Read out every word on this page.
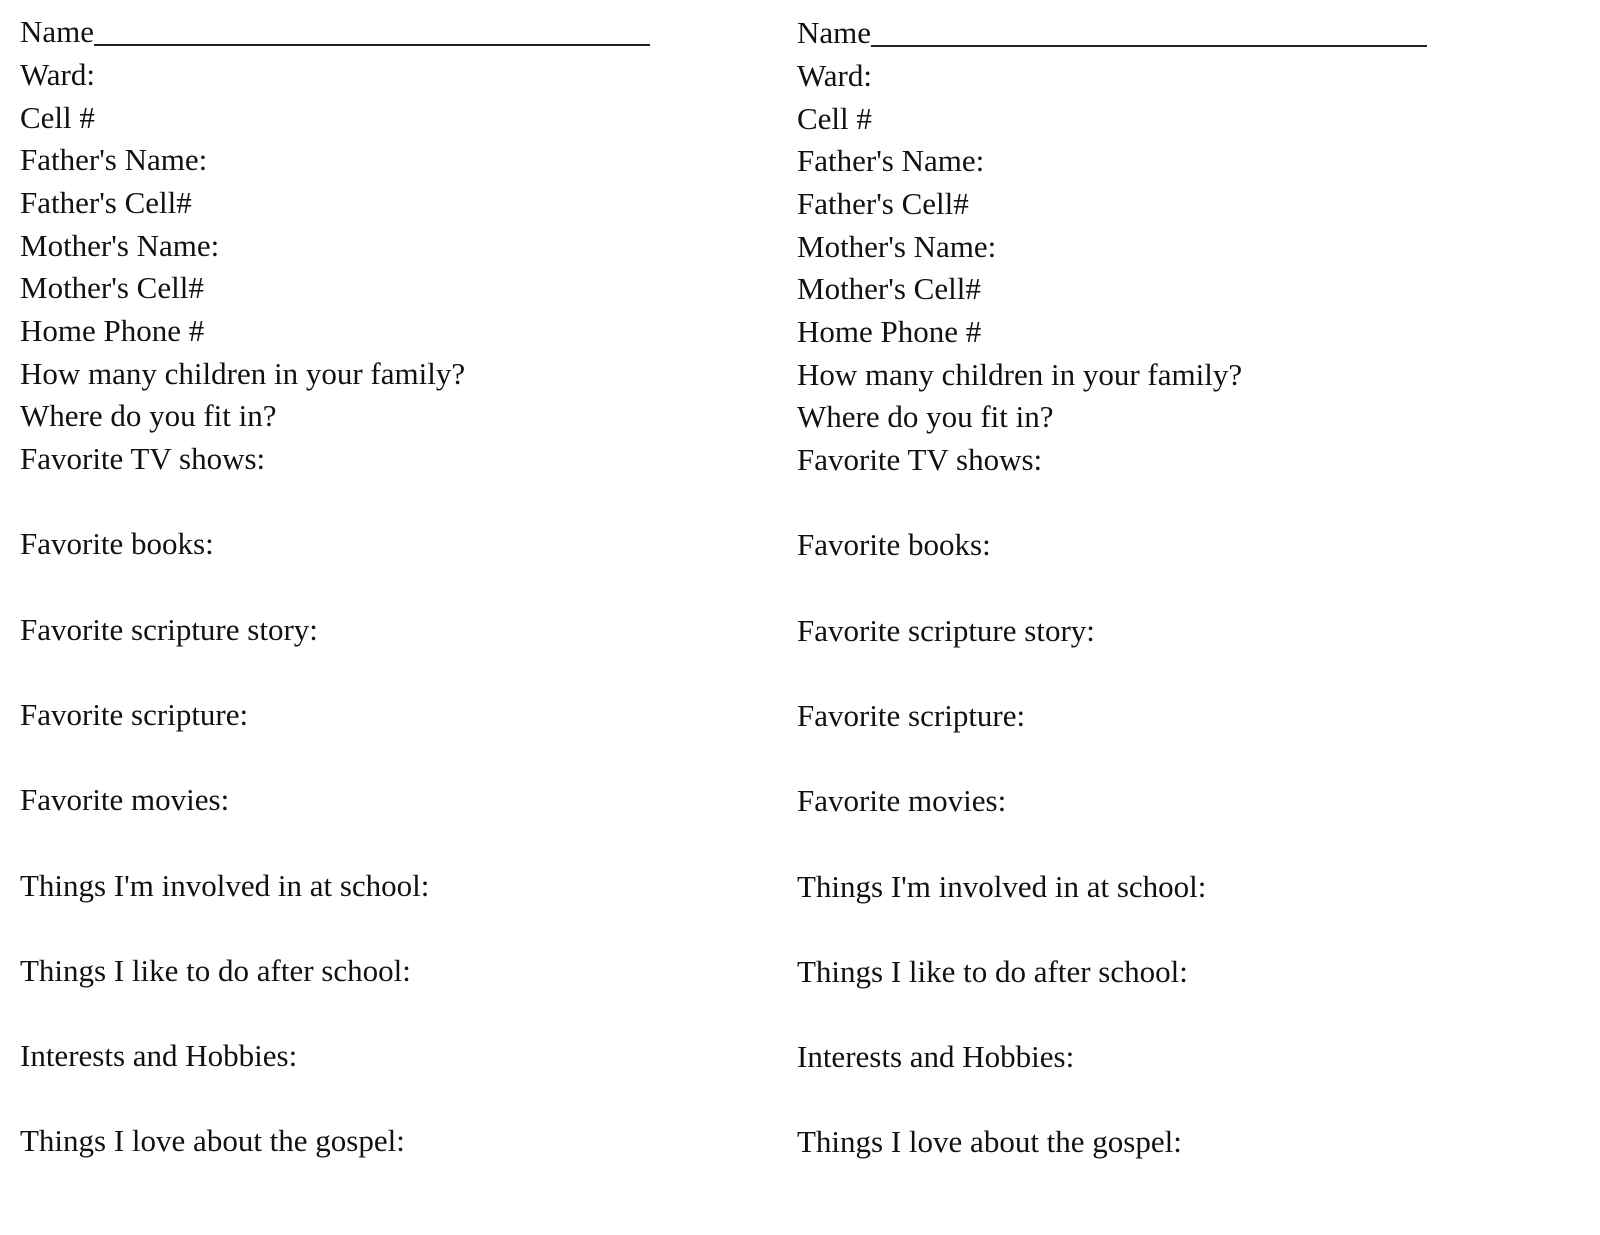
Name
Ward:
Cell #
Father's Name:
Father's Cell#
Mother's Name:
Mother's Cell#
Home Phone #
How many children in your family?
Where do you fit in?
Favorite TV shows:
Favorite books:
Favorite scripture story:
Favorite scripture:
Favorite movies:
Things I'm involved in at school:
Things I like to do after school:
Interests and Hobbies:
Things I love about the gospel:
Name
Ward:
Cell #
Father's Name:
Father's Cell#
Mother's Name:
Mother's Cell#
Home Phone #
How many children in your family?
Where do you fit in?
Favorite TV shows:
Favorite books:
Favorite scripture story:
Favorite scripture:
Favorite movies:
Things I'm involved in at school:
Things I like to do after school:
Interests and Hobbies:
Things I love about the gospel:
